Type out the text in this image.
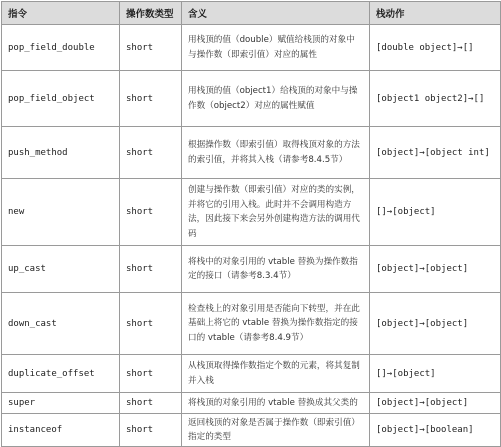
指令	操作数类型	含义	栈动作
pop_field_double	short	用栈顶的值（double）赋值给栈顶的对象中与操作数（即索引值）对应的属性	[double object]→[]
pop_field_object	short	用栈顶的值（object1）给栈顶的对象中与操作数（object2）对应的属性赋值	[object1 object2]→[]
push_method	short	根据操作数（即索引值）取得栈顶对象的方法的索引值，并将其入栈（请参考8.4.5节）	[object]→[object int]
new	short	创建与操作数（即索引值）对应的类的实例，并将它的引用入栈。此时并不会调用构造方法，因此接下来会另外创建构造方法的调用代码	[]→[object]
up_cast	short	将栈中的对象引用的 vtable 替换为操作数指定的接口（请参考8.3.4节）	[object]→[object]
down_cast	short	检查栈上的对象引用是否能向下转型，并在此基础上将它的 vtable 替换为操作数指定的接口的 vtable（请参考8.4.9节）	[object]→[object]
duplicate_offset	short	从栈顶取得操作数指定个数的元素，将其复制并入栈	[]→[object]
super	short	将栈顶的对象引用的 vtable 替换成其父类的	[object]→[object]
instanceof	short	返回栈顶的对象是否属于操作数（即索引值）指定的类型	[object]→[boolean]
